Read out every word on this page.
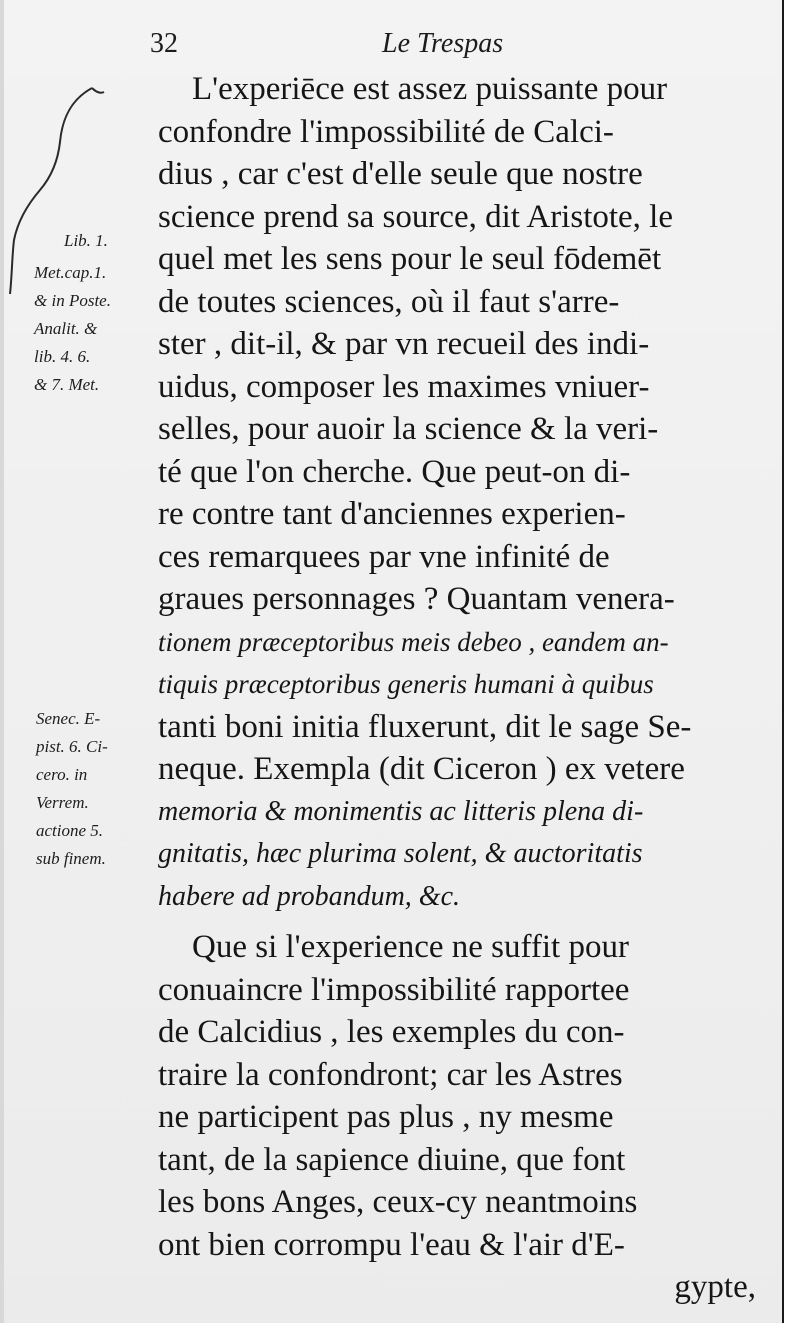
32	Le Trespas
Lib. 1.
Met.cap.1.
& in Poste.
Analit. &
lib. 4. 6.
& 7. Met.
Senec. E-
pist. 6. Ci-
cero. in
Verrem.
actione 5.
sub finem.
L'experiēce est assez puissante pour
confondre l'impossibilité de Calci-
dius , car c'est d'elle seule que nostre
science prend sa source, dit Aristote, le
quel met les sens pour le seul fōdemēt
de toutes sciences, où il faut s'arre-
ster , dit-il, & par vn recueil des indi-
uidus, composer les maximes vniuer-
selles, pour auoir la science & la veri-
té que l'on cherche. Que peut-on di-
re contre tant d'anciennes experien-
ces remarquees par vne infinité de
graues personnages ? Quantam venera-
tionem præceptoribus meis debeo , eandem an-
tiquis præceptoribus generis humani à quibus
tanti boni initia fluxerunt, dit le sage Se-
neque. Exempla (dit Ciceron ) ex vetere
memoria & monimentis ac litteris plena di-
gnitatis, hæc plurima solent, & auctoritatis
habere ad probandum, &c.
Que si l'experience ne suffit pour
conuaincre l'impossibilité rapportee
de Calcidius , les exemples du con-
traire la confondront; car les Astres
ne participent pas plus , ny mesme
tant, de la sapience diuine, que font
les bons Anges, ceux-cy neantmoins
ont bien corrompu l'eau & l'air d'E-
gypte,
